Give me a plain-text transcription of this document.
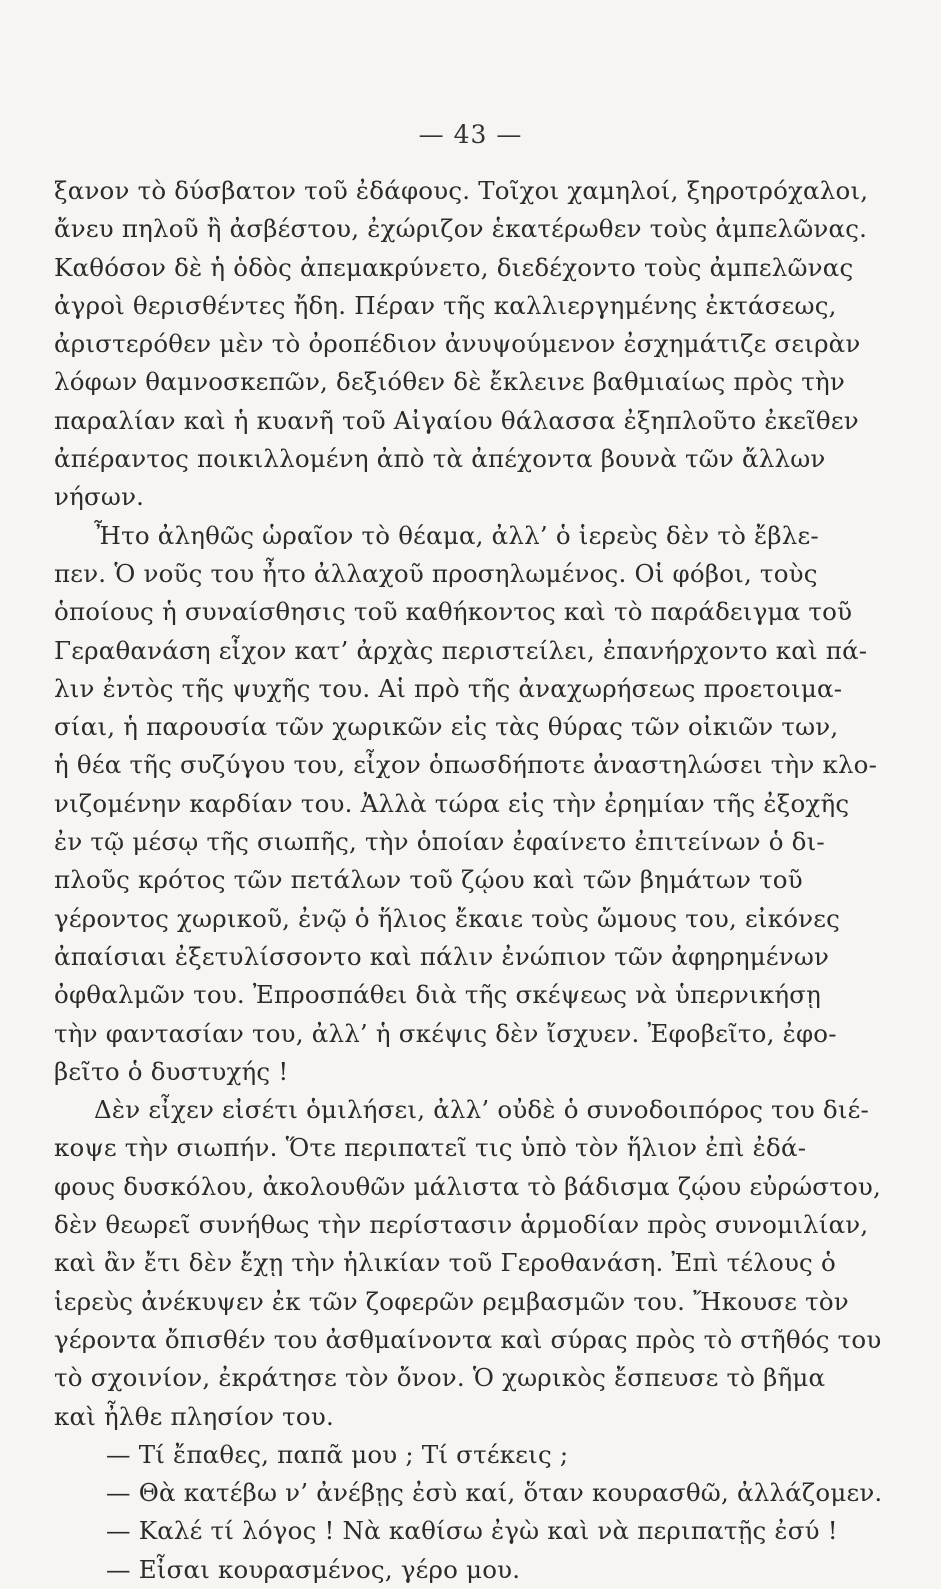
— 43 —
ξανον τὸ δύσβατον τοῦ ἐδάφους. Τοῖχοι χαμηλοί, ξηροτρόχαλοι,
ἄνευ πηλοῦ ἢ ἀσβέστου, ἐχώριζον ἑκατέρωθεν τοὺς ἀμπελῶνας.
Καθόσον δὲ ἡ ὁδὸς ἀπεμακρύνετο, διεδέχοντο τοὺς ἀμπελῶνας
ἀγροὶ θερισθέντες ἤδη. Πέραν τῆς καλλιεργημένης ἐκτάσεως,
ἀριστερόθεν μὲν τὸ ὀροπέδιον ἀνυψούμενον ἐσχημάτιζε σειρὰν
λόφων θαμνοσκεπῶν, δεξιόθεν δὲ ἔκλεινε βαθμιαίως πρὸς τὴν
παραλίαν καὶ ἡ κυανῆ τοῦ Αἰγαίου θάλασσα ἐξηπλοῦτο ἐκεῖθεν
ἀπέραντος ποικιλλομένη ἀπὸ τὰ ἀπέχοντα βουνὰ τῶν ἄλλων
νήσων.
Ἦτο ἀληθῶς ὡραῖον τὸ θέαμα, ἀλλ’ ὁ ἱερεὺς δὲν τὸ ἔβλε-
πεν. Ὁ νοῦς του ἦτο ἀλλαχοῦ προσηλωμένος. Οἱ φόβοι, τοὺς
ὁποίους ἡ συναίσθησις τοῦ καθήκοντος καὶ τὸ παράδειγμα τοῦ
Γεραθανάση εἶχον κατ’ ἀρχὰς περιστείλει, ἐπανήρχοντο καὶ πά-
λιν ἐντὸς τῆς ψυχῆς του. Αἱ πρὸ τῆς ἀναχωρήσεως προετοιμα-
σίαι, ἡ παρουσία τῶν χωρικῶν εἰς τὰς θύρας τῶν οἰκιῶν των,
ἡ θέα τῆς συζύγου του, εἶχον ὁπωσδήποτε ἀναστηλώσει τὴν κλο-
νιζομένην καρδίαν του. Ἀλλὰ τώρα εἰς τὴν ἐρημίαν τῆς ἐξοχῆς
ἐν τῷ μέσῳ τῆς σιωπῆς, τὴν ὁποίαν ἐφαίνετο ἐπιτείνων ὁ δι-
πλοῦς κρότος τῶν πετάλων τοῦ ζῴου καὶ τῶν βημάτων τοῦ
γέροντος χωρικοῦ, ἐνῷ ὁ ἥλιος ἔκαιε τοὺς ὤμους του, εἰκόνες
ἀπαίσιαι ἐξετυλίσσοντο καὶ πάλιν ἐνώπιον τῶν ἀφηρημένων
ὀφθαλμῶν του. Ἐπροσπάθει διὰ τῆς σκέψεως νὰ ὑπερνικήσῃ
τὴν φαντασίαν του, ἀλλ’ ἡ σκέψις δὲν ἴσχυεν. Ἐφοβεῖτο, ἐφο-
βεῖτο ὁ δυστυχής !
Δὲν εἶχεν εἰσέτι ὁμιλήσει, ἀλλ’ οὐδὲ ὁ συνοδοιπόρος του διέ-
κοψε τὴν σιωπήν. Ὅτε περιπατεῖ τις ὑπὸ τὸν ἥλιον ἐπὶ ἐδά-
φους δυσκόλου, ἀκολουθῶν μάλιστα τὸ βάδισμα ζῴου εὐρώστου,
δὲν θεωρεῖ συνήθως τὴν περίστασιν ἁρμοδίαν πρὸς συνομιλίαν,
καὶ ἂν ἔτι δὲν ἔχῃ τὴν ἡλικίαν τοῦ Γεροθανάση. Ἐπὶ τέλους ὁ
ἱερεὺς ἀνέκυψεν ἐκ τῶν ζοφερῶν ρεμβασμῶν του. Ἤκουσε τὸν
γέροντα ὄπισθέν του ἀσθμαίνοντα καὶ σύρας πρὸς τὸ στῆθός του
τὸ σχοινίον, ἐκράτησε τὸν ὄνον. Ὁ χωρικὸς ἔσπευσε τὸ βῆμα
καὶ ἦλθε πλησίον του.
— Τί ἔπαθες, παπᾶ μου ; Τί στέκεις ;
— Θὰ κατέβω ν’ ἀνέβῃς ἐσὺ καί, ὅταν κουρασθῶ, ἀλλάζομεν.
— Καλέ τί λόγος ! Νὰ καθίσω ἐγὼ καὶ νὰ περιπατῇς ἐσύ !
— Εἶσαι κουρασμένος, γέρο μου.
